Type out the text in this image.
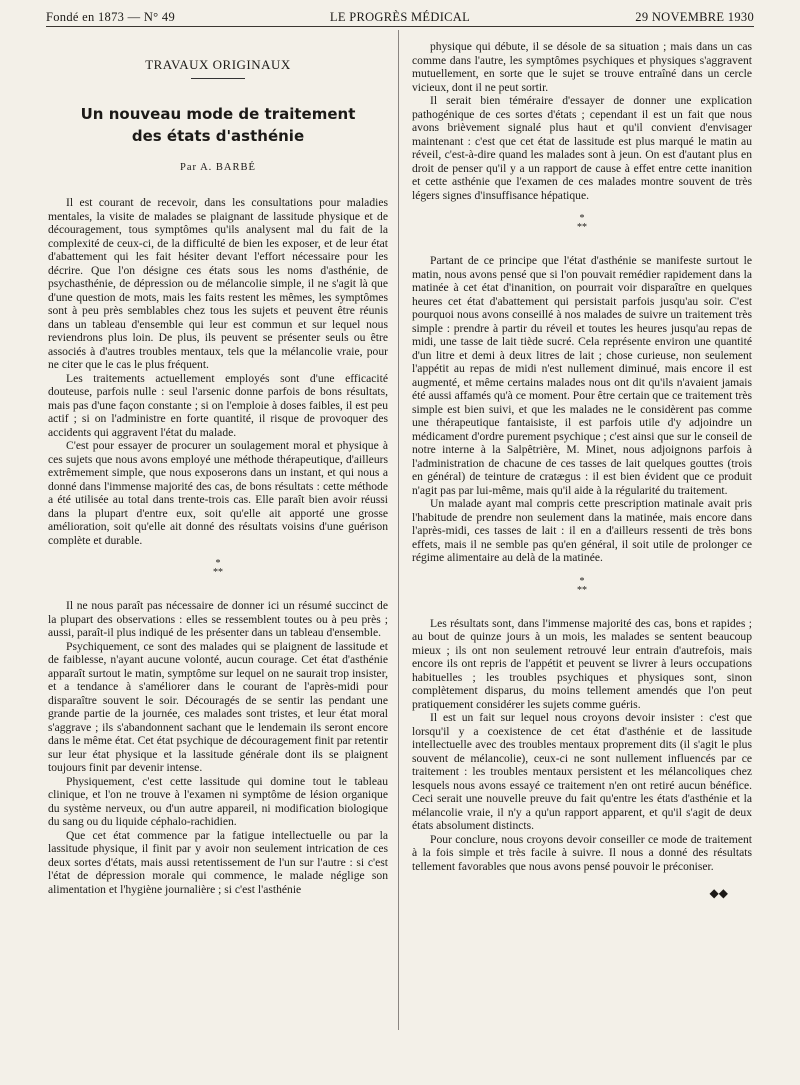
Fondé en 1873 — N° 49	LE PROGRÈS MÉDICAL	29 NOVEMBRE 1930
TRAVAUX ORIGINAUX
Un nouveau mode de traitement
des états d'asthénie
Par A. BARBÉ

Il est courant de recevoir, dans les consultations pour maladies mentales, la visite de malades se plaignant de lassitude physique et de découragement, tous symptômes qu'ils analysent mal du fait de la complexité de ceux-ci, de la difficulté de bien les exposer, et de leur état d'abattement qui les fait hésiter devant l'effort nécessaire pour les décrire. Que l'on désigne ces états sous les noms d'asthénie, de psychasthénie, de dépression ou de mélancolie simple, il ne s'agit là que d'une question de mots, mais les faits restent les mêmes, les symptômes sont à peu près semblables chez tous les sujets et peuvent être réunis dans un tableau d'ensemble qui leur est commun et sur lequel nous reviendrons plus loin. De plus, ils peuvent se présenter seuls ou être associés à d'autres troubles mentaux, tels que la mélancolie vraie, pour ne citer que le cas le plus fréquent.

Les traitements actuellement employés sont d'une efficacité douteuse, parfois nulle : seul l'arsenic donne parfois de bons résultats, mais pas d'une façon constante ; si on l'emploie à doses faibles, il est peu actif ; si on l'administre en forte quantité, il risque de provoquer des accidents qui aggravent l'état du malade.

C'est pour essayer de procurer un soulagement moral et physique à ces sujets que nous avons employé une méthode thérapeutique, d'ailleurs extrêmement simple, que nous exposerons dans un instant, et qui nous a donné dans l'immense majorité des cas, de bons résultats : cette méthode a été utilisée au total dans trente-trois cas. Elle paraît bien avoir réussi dans la plupart d'entre eux, soit qu'elle ait apporté une grosse amélioration, soit qu'elle ait donné des résultats voisins d'une guérison complète et durable.

*
**

Il ne nous paraît pas nécessaire de donner ici un résumé succinct de la plupart des observations : elles se ressemblent toutes ou à peu près ; aussi, paraît-il plus indiqué de les présenter dans un tableau d'ensemble.

Psychiquement, ce sont des malades qui se plaignent de lassitude et de faiblesse, n'ayant aucune volonté, aucun courage. Cet état d'asthénie apparaît surtout le matin, symptôme sur lequel on ne saurait trop insister, et a tendance à s'améliorer dans le courant de l'après-midi pour disparaître souvent le soir. Découragés de se sentir las pendant une grande partie de la journée, ces malades sont tristes, et leur état moral s'aggrave ; ils s'abandonnent sachant que le lendemain ils seront encore dans le même état. Cet état psychique de découragement finit par retentir sur leur état physique et la lassitude générale dont ils se plaignent toujours finit par devenir intense.

Physiquement, c'est cette lassitude qui domine tout le tableau clinique, et l'on ne trouve à l'examen ni symptôme de lésion organique du système nerveux, ou d'un autre appareil, ni modification biologique du sang ou du liquide céphalo-rachidien.

Que cet état commence par la fatigue intellectuelle ou par la lassitude physique, il finit par y avoir non seulement intrication de ces deux sortes d'états, mais aussi retentissement de l'un sur l'autre : si c'est l'état de dépression morale qui commence, le malade néglige son alimentation et l'hygiène journalière ; si c'est l'asthénie

physique qui débute, il se désole de sa situation ; mais dans un cas comme dans l'autre, les symptômes psychiques et physiques s'aggravent mutuellement, en sorte que le sujet se trouve entraîné dans un cercle vicieux, dont il ne peut sortir.

Il serait bien téméraire d'essayer de donner une explication pathogénique de ces sortes d'états ; cependant il est un fait que nous avons brièvement signalé plus haut et qu'il convient d'envisager maintenant : c'est que cet état de lassitude est plus marqué le matin au réveil, c'est-à-dire quand les malades sont à jeun. On est d'autant plus en droit de penser qu'il y a un rapport de cause à effet entre cette inanition et cette asthénie que l'examen de ces malades montre souvent de très légers signes d'insuffisance hépatique.

*
**

Partant de ce principe que l'état d'asthénie se manifeste surtout le matin, nous avons pensé que si l'on pouvait remédier rapidement dans la matinée à cet état d'inanition, on pourrait voir disparaître en quelques heures cet état d'abattement qui persistait parfois jusqu'au soir. C'est pourquoi nous avons conseillé à nos malades de suivre un traitement très simple : prendre à partir du réveil et toutes les heures jusqu'au repas de midi, une tasse de lait tiède sucré. Cela représente environ une quantité d'un litre et demi à deux litres de lait ; chose curieuse, non seulement l'appétit au repas de midi n'est nullement diminué, mais encore il est augmenté, et même certains malades nous ont dit qu'ils n'avaient jamais été aussi affamés qu'à ce moment. Pour être certain que ce traitement très simple est bien suivi, et que les malades ne le considèrent pas comme une thérapeutique fantaisiste, il est parfois utile d'y adjoindre un médicament d'ordre purement psychique ; c'est ainsi que sur le conseil de notre interne à la Salpêtrière, M. Minet, nous adjoignons parfois à l'administration de chacune de ces tasses de lait quelques gouttes (trois en général) de teinture de cratægus : il est bien évident que ce produit n'agit pas par lui-même, mais qu'il aide à la régularité du traitement.

Un malade ayant mal compris cette prescription matinale avait pris l'habitude de prendre non seulement dans la matinée, mais encore dans l'après-midi, ces tasses de lait : il en a d'ailleurs ressenti de très bons effets, mais il ne semble pas qu'en général, il soit utile de prolonger ce régime alimentaire au delà de la matinée.

*
**

Les résultats sont, dans l'immense majorité des cas, bons et rapides ; au bout de quinze jours à un mois, les malades se sentent beaucoup mieux ; ils ont non seulement retrouvé leur entrain d'autrefois, mais encore ils ont repris de l'appétit et peuvent se livrer à leurs occupations habituelles ; les troubles psychiques et physiques sont, sinon complètement disparus, du moins tellement amendés que l'on peut pratiquement considérer les sujets comme guéris.

Il est un fait sur lequel nous croyons devoir insister : c'est que lorsqu'il y a coexistence de cet état d'asthénie et de lassitude intellectuelle avec des troubles mentaux proprement dits (il s'agit le plus souvent de mélancolie), ceux-ci ne sont nullement influencés par ce traitement : les troubles mentaux persistent et les mélancoliques chez lesquels nous avons essayé ce traitement n'en ont retiré aucun bénéfice. Ceci serait une nouvelle preuve du fait qu'entre les états d'asthénie et la mélancolie vraie, il n'y a qu'un rapport apparent, et qu'il s'agit de deux états absolument distincts.

Pour conclure, nous croyons devoir conseiller ce mode de traitement à la fois simple et très facile à suivre. Il nous a donné des résultats tellement favorables que nous avons pensé pouvoir le préconiser.

◆◆
